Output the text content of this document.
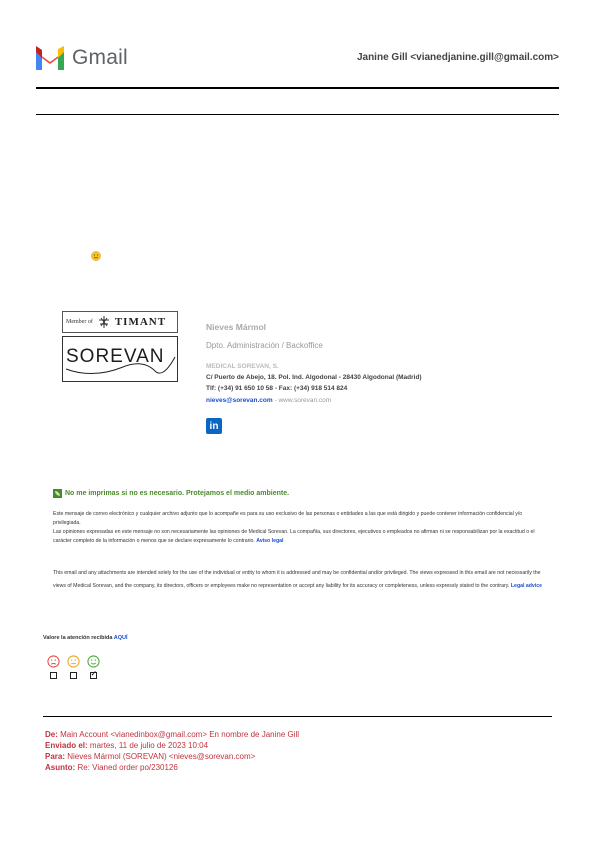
Gmail	Janine Gill <vianedjanine.gill@gmail.com>
Member of TIMANT
SOREVAN
Nieves Mármol
Dpto. Administración / Backoffice
MEDICAL SOREVAN, S.
C/ Puerto de Abejo, 18. Pol. Ind. Algodonal - 28430 Algodonal (Madrid)
Tlf: (+34) 91 650 10 58 - Fax: (+34) 918 514 824
nieves@sorevan.com - www.sorevan.com
in
No me imprimas si no es necesario. Protejamos el medio ambiente.
Este mensaje de correo electrónico y cualquier archivo adjunto que lo acompañe es para su uso exclusivo de las personas o entidades a las que está dirigido y puede contener información confidencial y/o privilegiada.
Las opiniones expresadas en este mensaje no son necesariamente las opiniones de Medical Sorevan. La compañía, sus directores, ejecutivos o empleados no afirman ni se responsabilizan por la exactitud o el carácter completo de la información o menos que se declare expresamente lo contrario. Aviso legal
This email and any attachments are intended solely for the use of the individual or entity to whom it is addressed and may be confidential and/or privileged. The views expressed in this email are not necessarily the views of Medical Sorevan, and the company, its directors, officers or employees make no representation or accept any liability for its accuracy or completeness, unless expressly stated to the contrary. Legal advice
Valore la atención recibida AQUÍ
✓
De: Main Account <vianedinbox@gmail.com> En nombre de Janine Gill
Enviado el: martes, 11 de julio de 2023 10:04
Para: Nieves Mármol (SOREVAN) <nieves@sorevan.com>
Asunto: Re: Vianed order po/230126
